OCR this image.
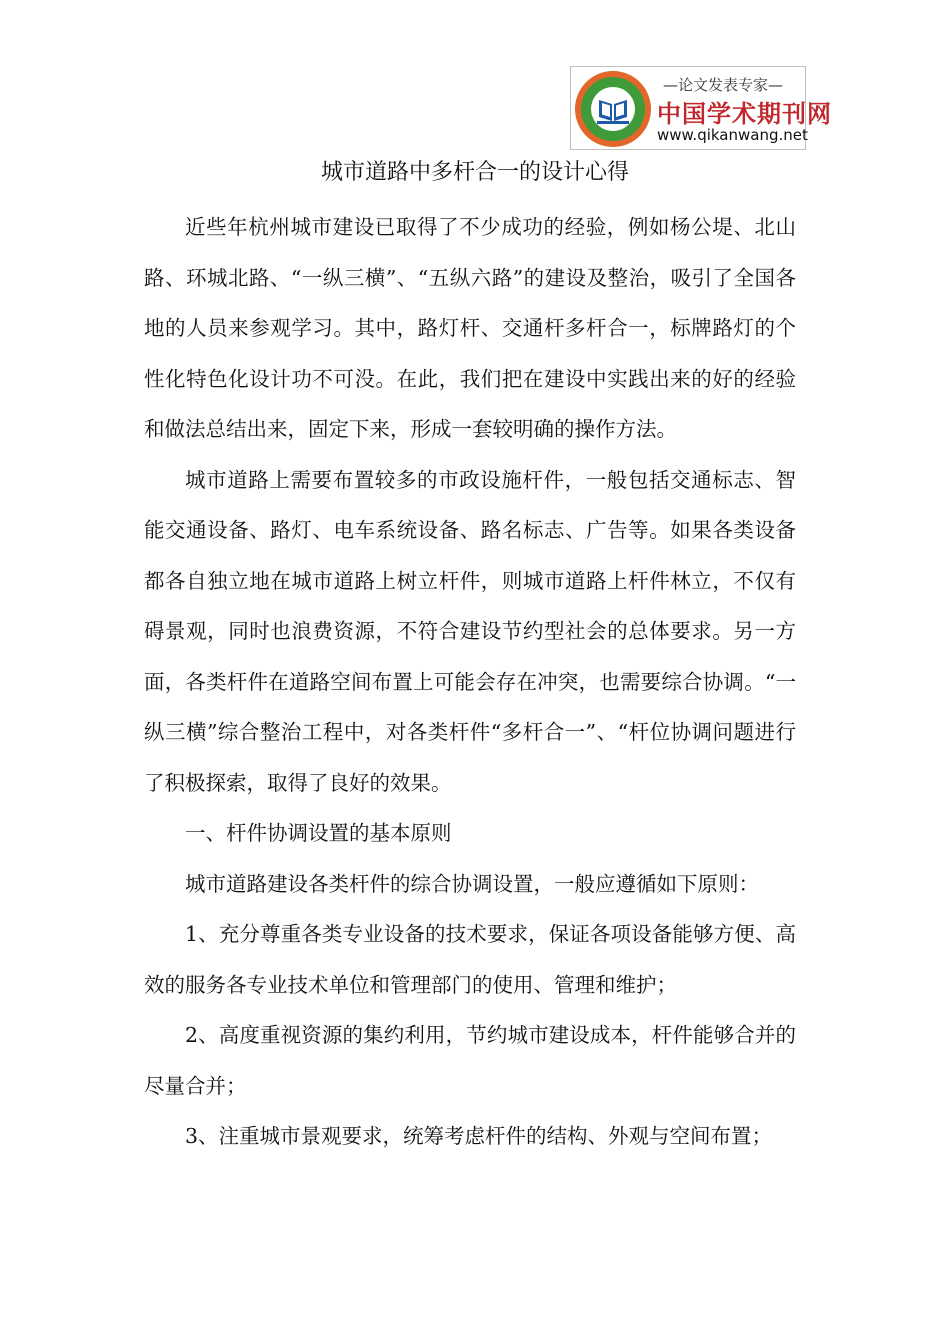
—论文发表专家—
中国学术期刊网
www.qikanwang.net
城市道路中多杆合一的设计心得

近些年杭州城市建设已取得了不少成功的经验，例如杨公堤、北山路、环城北路、“一纵三横”、“五纵六路”的建设及整治，吸引了全国各地的人员来参观学习。其中，路灯杆、交通杆多杆合一，标牌路灯的个性化特色化设计功不可没。在此，我们把在建设中实践出来的好的经验和做法总结出来，固定下来，形成一套较明确的操作方法。

城市道路上需要布置较多的市政设施杆件，一般包括交通标志、智能交通设备、路灯、电车系统设备、路名标志、广告等。如果各类设备都各自独立地在城市道路上树立杆件，则城市道路上杆件林立，不仅有碍景观，同时也浪费资源，不符合建设节约型社会的总体要求。另一方面，各类杆件在道路空间布置上可能会存在冲突，也需要综合协调。“一纵三横”综合整治工程中，对各类杆件“多杆合一”、“杆位协调问题进行了积极探索，取得了良好的效果。

一、杆件协调设置的基本原则

城市道路建设各类杆件的综合协调设置，一般应遵循如下原则：

1、充分尊重各类专业设备的技术要求，保证各项设备能够方便、高效的服务各专业技术单位和管理部门的使用、管理和维护；

2、高度重视资源的集约利用，节约城市建设成本，杆件能够合并的尽量合并；

3、注重城市景观要求，统筹考虑杆件的结构、外观与空间布置；
